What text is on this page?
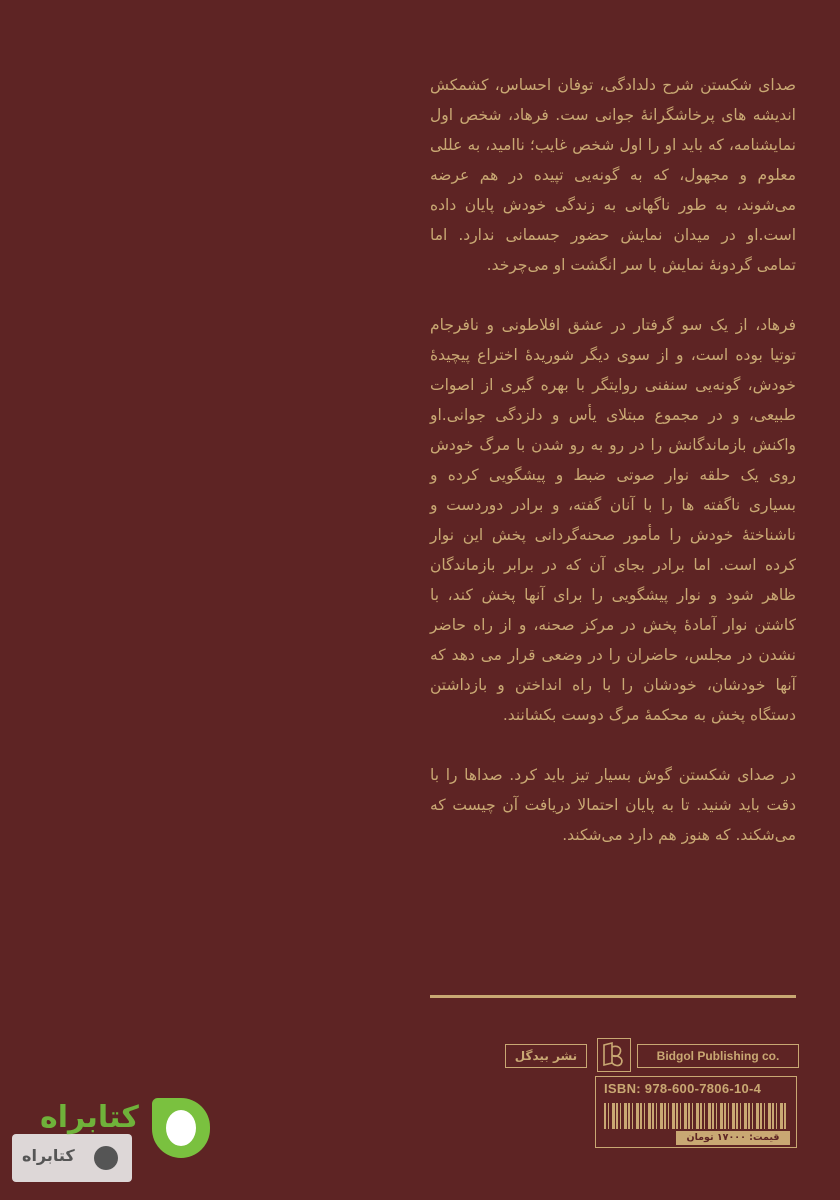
صدای شکستن شرح دلدادگی، توفان احساس، کشمکش اندیشه های پرخاشگرانهٔ جوانی ست. فرهاد، شخص اول نمایشنامه، که باید او را اول شخص غایب؛ ناامید، به عللی معلوم و مجهول، که به گونه‌یی تپیده در هم عرضه می‌شوند، به طور ناگهانی به زندگی خودش پایان داده است.او در میدان نمایش حضور جسمانی ندارد. اما تمامی گردونهٔ نمایش با سر انگشت او می‌چرخد.

فرهاد، از یک سو گرفتار در عشق افلاطونی و نافرجام توتیا بوده است، و از سوی دیگر شوریدهٔ اختراع پیچیدهٔ خودش، گونه‌یی سنفنی روایتگر با بهره گیری از اصوات طبیعی، و در مجموع مبتلای یأس و دلزدگی جوانی.او واکنش بازماندگانش را در رو به رو شدن با مرگ خودش روی یک حلقه نوار صوتی ضبط و پیشگویی کرده و بسیاری ناگفته ها را با آنان گفته، و برادر دوردست و ناشناختهٔ خودش را مأمور صحنه‌گردانی پخش این نوار کرده است. اما برادر بجای آن که در برابر بازماندگان ظاهر شود و نوار پیشگویی را برای آنها پخش کند، با کاشتن نوار آمادهٔ پخش در مرکز صحنه، و از راه حاضر نشدن در مجلس، حاضران را در وضعی قرار می دهد که آنها خودشان، خودشان را با راه انداختن و بازداشتن دستگاه پخش به محکمهٔ مرگ دوست بکشانند.

در صدای شکستن گوش بسیار تیز باید کرد. صداها را با دقت باید شنید. تا به پایان احتمالا دریافت آن چیست که می‌شکند. که هنوز هم دارد می‌شکند.

نشر بیدگل	Bidgol Publishing co.
ISBN: 978-600-7806-10-4
قیمت: ۱۷۰۰۰ تومان
کتابراه
کتابراه
